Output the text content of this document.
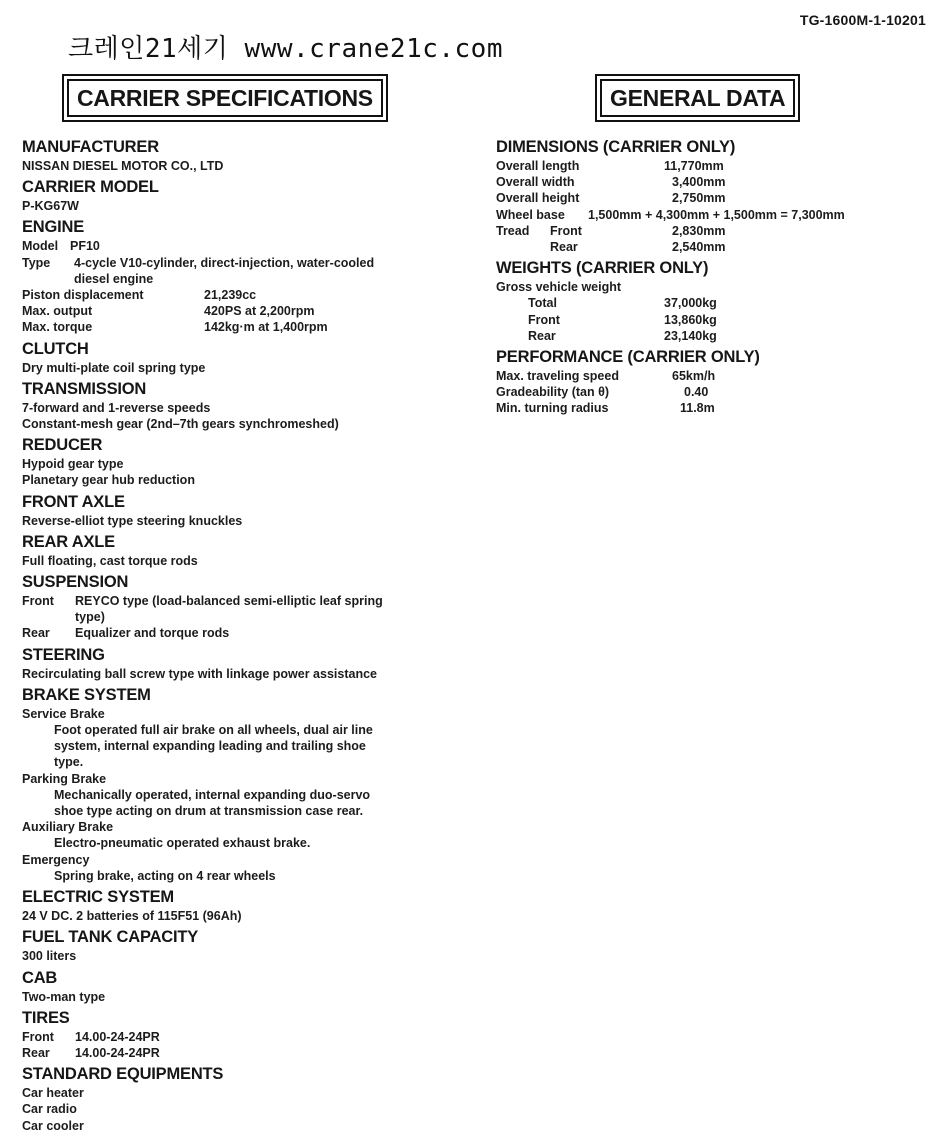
TG-1600M-1-10201
크레인21세기 www.crane21c.com
CARRIER SPECIFICATIONS	GENERAL DATA
MANUFACTURER
NISSAN DIESEL MOTOR CO., LTD
CARRIER MODEL
P-KG67W
ENGINE
Model PF10
Type	4-cycle V10-cylinder, direct-injection, water-cooled
diesel engine
Piston displacement	21,239cc
Max. output	420PS at 2,200rpm
Max. torque	142kg·m at 1,400rpm
CLUTCH
Dry multi-plate coil spring type
TRANSMISSION
7-forward and 1-reverse speeds
Constant-mesh gear (2nd–7th gears synchromeshed)
REDUCER
Hypoid gear type
Planetary gear hub reduction
FRONT AXLE
Reverse-elliot type steering knuckles
REAR AXLE
Full floating, cast torque rods
SUSPENSION
Front	REYCO type (load-balanced semi-elliptic leaf spring
type)
Rear	Equalizer and torque rods
STEERING
Recirculating ball screw type with linkage power assistance
BRAKE SYSTEM
Service Brake
Foot operated full air brake on all wheels, dual air line
system, internal expanding leading and trailing shoe
type.
Parking Brake
Mechanically operated, internal expanding duo-servo
shoe type acting on drum at transmission case rear.
Auxiliary Brake
Electro-pneumatic operated exhaust brake.
Emergency
Spring brake, acting on 4 rear wheels
ELECTRIC SYSTEM
24 V DC. 2 batteries of 115F51 (96Ah)
FUEL TANK CAPACITY
300 liters
CAB
Two-man type
TIRES
Front	14.00-24-24PR
Rear	14.00-24-24PR
STANDARD EQUIPMENTS
Car heater
Car radio
Car cooler
DIMENSIONS (CARRIER ONLY)
Overall length	11,770mm
Overall width	3,400mm
Overall height	2,750mm
Wheel base	1,500mm + 4,300mm + 1,500mm = 7,300mm
Tread	Front	2,830mm
Rear	2,540mm
WEIGHTS (CARRIER ONLY)
Gross vehicle weight
Total	37,000kg
Front	13,860kg
Rear	23,140kg
PERFORMANCE (CARRIER ONLY)
Max. traveling speed	65km/h
Gradeability (tan θ)	0.40
Min. turning radius	11.8m
